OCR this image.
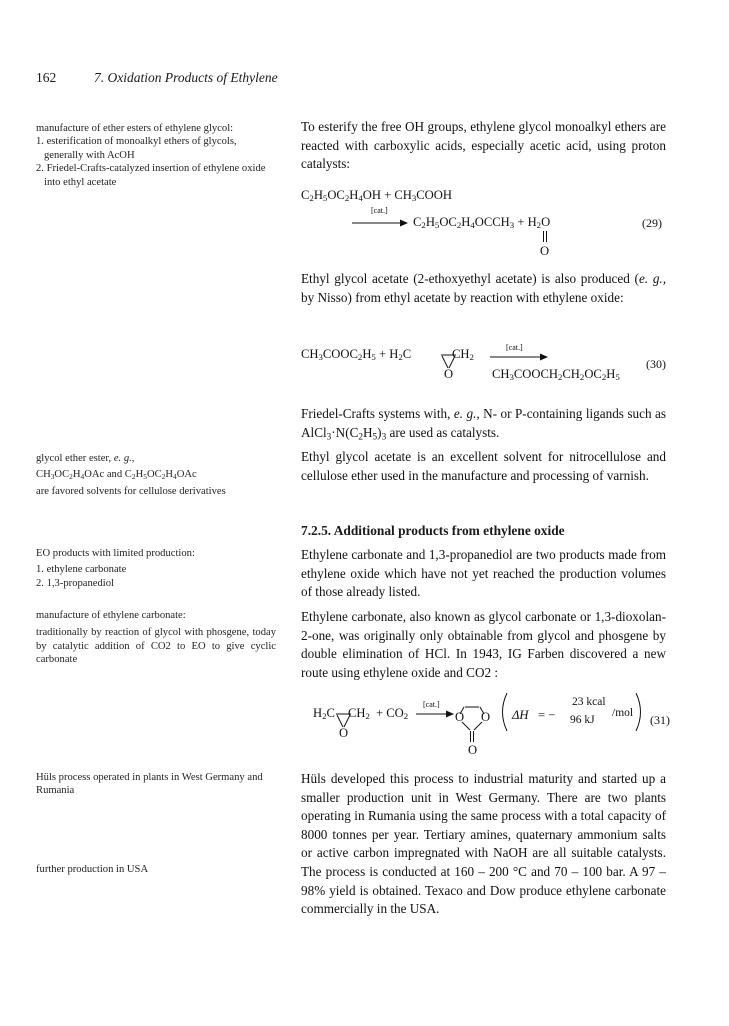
162	7. Oxidation Products of Ethylene

manufacture of ether esters of ethylene glycol:

1. esterification of monoalkyl ethers of glycols, generally with AcOH

2. Friedel-Crafts-catalyzed insertion of ethylene oxide into ethyl acetate

glycol ether ester, e. g.,

$CH_3OC_2H_4OAc$ and $C_2H_5OC_2H_4OAc$

are favored solvents for cellulose derivatives

EO products with limited production:

1. ethylene carbonate

2. 1,3-propanediol

manufacture of ethylene carbonate:

traditionally by reaction of glycol with phosgene, today by catalytic addition of CO2 to EO to give cyclic carbonate

Hüls process operated in plants in West Germany and Rumania

further production in USA

To esterify the free OH groups, ethylene glycol monoalkyl ethers are reacted with carboxylic acids, especially acetic acid, using proton catalysts:
$C_2H_5OC_2H_4OH$ + $CH_3COOH$
[cat.]
→ $C_2H_5OC_2H_4OCCH_3 + H_2O$
O
(29)
Ethyl glycol acetate (2-ethoxyethyl acetate) is also produced (e. g., by Nisso) from ethyl acetate by reaction with ethylene oxide:
$CH_3COOC_2H_5 + H_2C$	$CH_2$
O
[cat.]
$CH_3COOCH_2CH_2OC_2H_5$
(30)
Friedel-Crafts systems with, e. g., N- or P-containing ligands such as $AlCl_3\cdot N(C_2H_5)_3$ are used as catalysts.
Ethyl glycol acetate is an excellent solvent for nitrocellulose and cellulose ether used in the manufacture and processing of varnish.
7.2.5. Additional products from ethylene oxide
Ethylene carbonate and 1,3-propanediol are two products made from ethylene oxide which have not yet reached the production volumes of those already listed.
Ethylene carbonate, also known as glycol carbonate or 1,3-dioxolan-2-one, was originally only obtainable from glycol and phosgene by double elimination of HCl. In 1943, IG Farben discovered a new route using ethylene oxide and CO2 :
$H_2C$ $CH_2$
O
+ $CO_2$
[cat.]
→ O O
O
ΔH = −
23 kcal
96 kJ
/mol (31)
Hüls developed this process to industrial maturity and started up a smaller production unit in West Germany. There are two plants operating in Rumania using the same process with a total capacity of 8000 tonnes per year. Tertiary amines, quaternary ammonium salts or active carbon impregnated with NaOH are all suitable catalysts. The process is conducted at 160 – 200 °C and 70 – 100 bar. A 97 – 98% yield is obtained. Texaco and Dow produce ethylene carbonate commercially in the USA.
